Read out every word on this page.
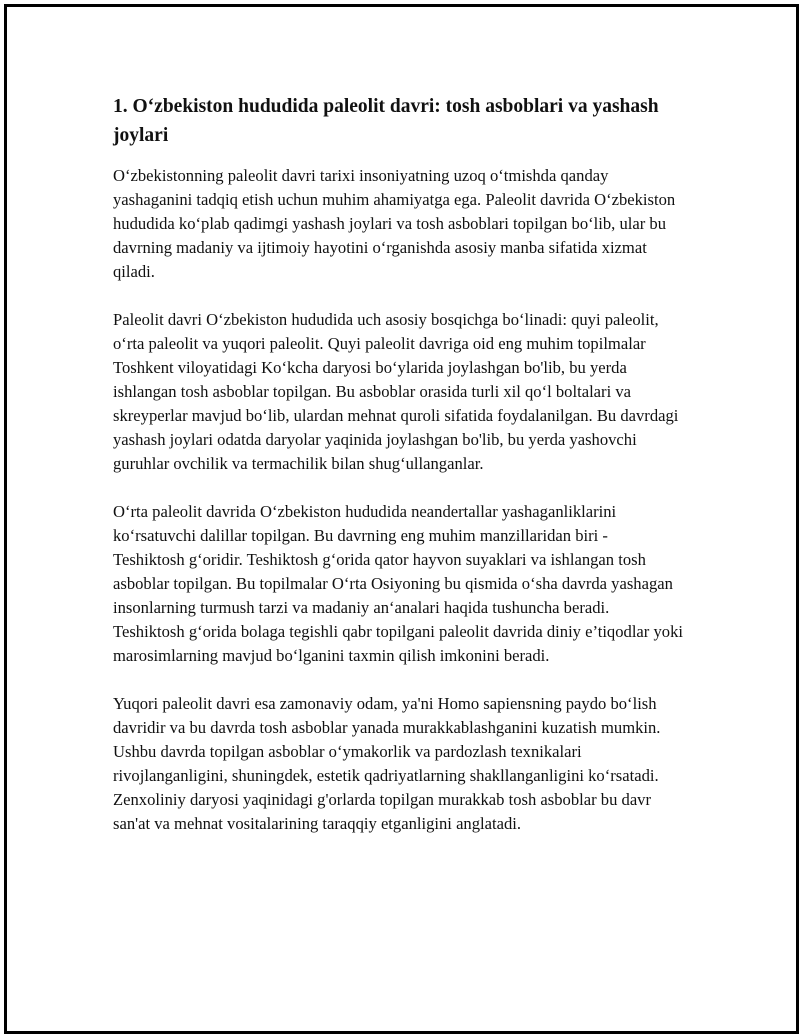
1. O‘zbekiston hududida paleolit davri: tosh asboblari va yashash joylari

O‘zbekistonning paleolit davri tarixi insoniyatning uzoq o‘tmishda qanday yashaganini tadqiq etish uchun muhim ahamiyatga ega. Paleolit davrida O‘zbekiston hududida ko‘plab qadimgi yashash joylari va tosh asboblari topilgan bo‘lib, ular bu davrning madaniy va ijtimoiy hayotini o‘rganishda asosiy manba sifatida xizmat qiladi.

Paleolit davri O‘zbekiston hududida uch asosiy bosqichga bo‘linadi: quyi paleolit, o‘rta paleolit va yuqori paleolit. Quyi paleolit davriga oid eng muhim topilmalar Toshkent viloyatidagi Ko‘kcha daryosi bo‘ylarida joylashgan bo'lib, bu yerda ishlangan tosh asboblar topilgan. Bu asboblar orasida turli xil qo‘l boltalari va skreyperlar mavjud bo‘lib, ulardan mehnat quroli sifatida foydalanilgan. Bu davrdagi yashash joylari odatda daryolar yaqinida joylashgan bo'lib, bu yerda yashovchi guruhlar ovchilik va termachilik bilan shug‘ullanganlar.

O‘rta paleolit davrida O‘zbekiston hududida neandertallar yashaganliklarini ko‘rsatuvchi dalillar topilgan. Bu davrning eng muhim manzillaridan biri - Teshiktosh g‘oridir. Teshiktosh g‘orida qator hayvon suyaklari va ishlangan tosh asboblar topilgan. Bu topilmalar O‘rta Osiyoning bu qismida o‘sha davrda yashagan insonlarning turmush tarzi va madaniy an‘analari haqida tushuncha beradi. Teshiktosh g‘orida bolaga tegishli qabr topilgani paleolit davrida diniy e’tiqodlar yoki marosimlarning mavjud bo‘lganini taxmin qilish imkonini beradi.

Yuqori paleolit davri esa zamonaviy odam, ya'ni Homo sapiensning paydo bo‘lish davridir va bu davrda tosh asboblar yanada murakkablashganini kuzatish mumkin. Ushbu davrda topilgan asboblar o‘ymakorlik va pardozlash texnikalari rivojlanganligini, shuningdek, estetik qadriyatlarning shakllanganligini ko‘rsatadi. Zenxoliniy daryosi yaqinidagi g'orlarda topilgan murakkab tosh asboblar bu davr san'at va mehnat vositalarining taraqqiy etganligini anglatadi.
